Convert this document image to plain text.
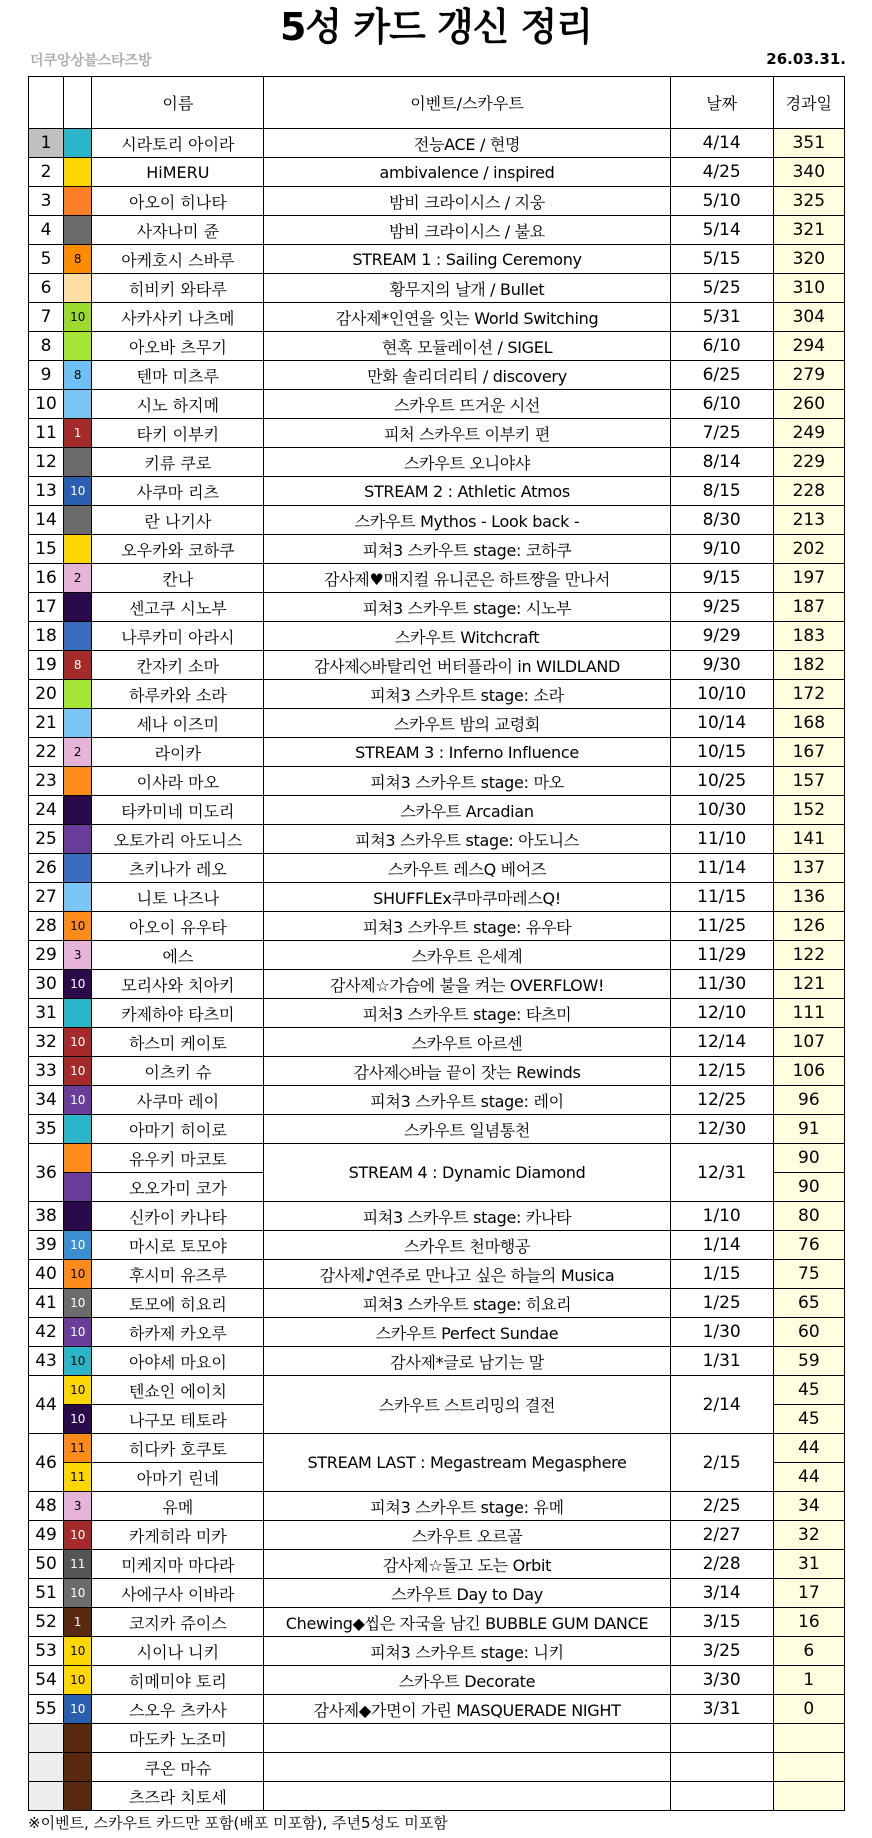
5성 카드 갱신 정리
더쿠앙상블스타즈방	26.03.31.
		이름	이벤트/스카우트	날짜	경과일
1		시라토리 아이라	전능ACE / 현명	4/14	351
2		HiMERU	ambivalence / inspired	4/25	340
3		아오이 히나타	밤비 크라이시스 / 지웅	5/10	325
4		사자나미 쥰	밤비 크라이시스 / 불요	5/14	321
5	8	아케호시 스바루	STREAM 1 : Sailing Ceremony	5/15	320
6		히비키 와타루	황무지의 날개 / Bullet	5/25	310
7	10	사카사키 나츠메	감사제*인연을 잇는 World Switching	5/31	304
8		아오바 츠무기	현혹 모듈레이션 / SIGEL	6/10	294
9	8	텐마 미츠루	만화 솔리더리티 / discovery	6/25	279
10		시노 하지메	스카우트 뜨거운 시선	6/10	260
11	1	타키 이부키	피처 스카우트 이부키 편	7/25	249
12		키류 쿠로	스카우트 오니야샤	8/14	229
13	10	사쿠마 리츠	STREAM 2 : Athletic Atmos	8/15	228
14		란 나기사	스카우트 Mythos - Look back -	8/30	213
15		오우카와 코하쿠	피쳐3 스카우트 stage: 코하쿠	9/10	202
16	2	칸나	감사제♥매지컬 유니콘은 하트쨩을 만나서	9/15	197
17		센고쿠 시노부	피쳐3 스카우트 stage: 시노부	9/25	187
18		나루카미 아라시	스카우트 Witchcraft	9/29	183
19	8	칸자키 소마	감사제◇바탈리언 버터플라이 in WILDLAND	9/30	182
20		하루카와 소라	피쳐3 스카우트 stage: 소라	10/10	172
21		세나 이즈미	스카우트 밤의 교령회	10/14	168
22	2	라이카	STREAM 3 : Inferno Influence	10/15	167
23		이사라 마오	피쳐3 스카우트 stage: 마오	10/25	157
24		타카미네 미도리	스카우트 Arcadian	10/30	152
25		오토가리 아도니스	피쳐3 스카우트 stage: 아도니스	11/10	141
26		츠키나가 레오	스카우트 레스Q 베어즈	11/14	137
27		니토 나즈나	SHUFFLEx쿠마쿠마레스Q!	11/15	136
28	10	아오이 유우타	피쳐3 스카우트 stage: 유우타	11/25	126
29	3	에스	스카우트 은세계	11/29	122
30	10	모리사와 치아키	감사제☆가슴에 불을 켜는 OVERFLOW!	11/30	121
31		카제하야 타츠미	피처3 스카우트 stage: 타츠미	12/10	111
32	10	하스미 케이토	스카우트 아르센	12/14	107
33	10	이츠키 슈	감사제◇바늘 끝이 잣는 Rewinds	12/15	106
34	10	사쿠마 레이	피쳐3 스카우트 stage: 레이	12/25	96
35		아마기 히이로	스카우트 일념통천	12/30	91
36		유우키 마코토	STREAM 4 : Dynamic Diamond	12/31	90
		오오가미 코가			90
38		신카이 카나타	피쳐3 스카우트 stage: 카나타	1/10	80
39	10	마시로 토모야	스카우트 천마행공	1/14	76
40	10	후시미 유즈루	감사제♪연주로 만나고 싶은 하늘의 Musica	1/15	75
41	10	토모에 히요리	피쳐3 스카우트 stage: 히요리	1/25	65
42	10	하카제 카오루	스카우트 Perfect Sundae	1/30	60
43	10	아야세 마요이	감사제*글로 남기는 말	1/31	59
44	10	텐쇼인 에이치	스카우트 스트리밍의 결전	2/14	45
	10	나구모 테토라			45
46	11	히다카 호쿠토	STREAM LAST : Megastream Megasphere	2/15	44
	11	아마기 린네			44
48	3	유메	피쳐3 스카우트 stage: 유메	2/25	34
49	10	카게히라 미카	스카우트 오르골	2/27	32
50	11	미케지마 마다라	감사제☆돌고 도는 Orbit	2/28	31
51	10	사에구사 이바라	스카우트 Day to Day	3/14	17
52	1	코지카 쥬이스	Chewing◆씹은 자국을 남긴 BUBBLE GUM DANCE	3/15	16
53	10	시이나 니키	피쳐3 스카우트 stage: 니키	3/25	6
54	10	히메미야 토리	스카우트 Decorate	3/30	1
55	10	스오우 츠카사	감사제◆가면이 가린 MASQUERADE NIGHT	3/31	0
		마도카 노조미			
		쿠온 마슈			
		츠즈라 치토세			
※이벤트, 스카우트 카드만 포함(배포 미포함), 주년5성도 미포함
